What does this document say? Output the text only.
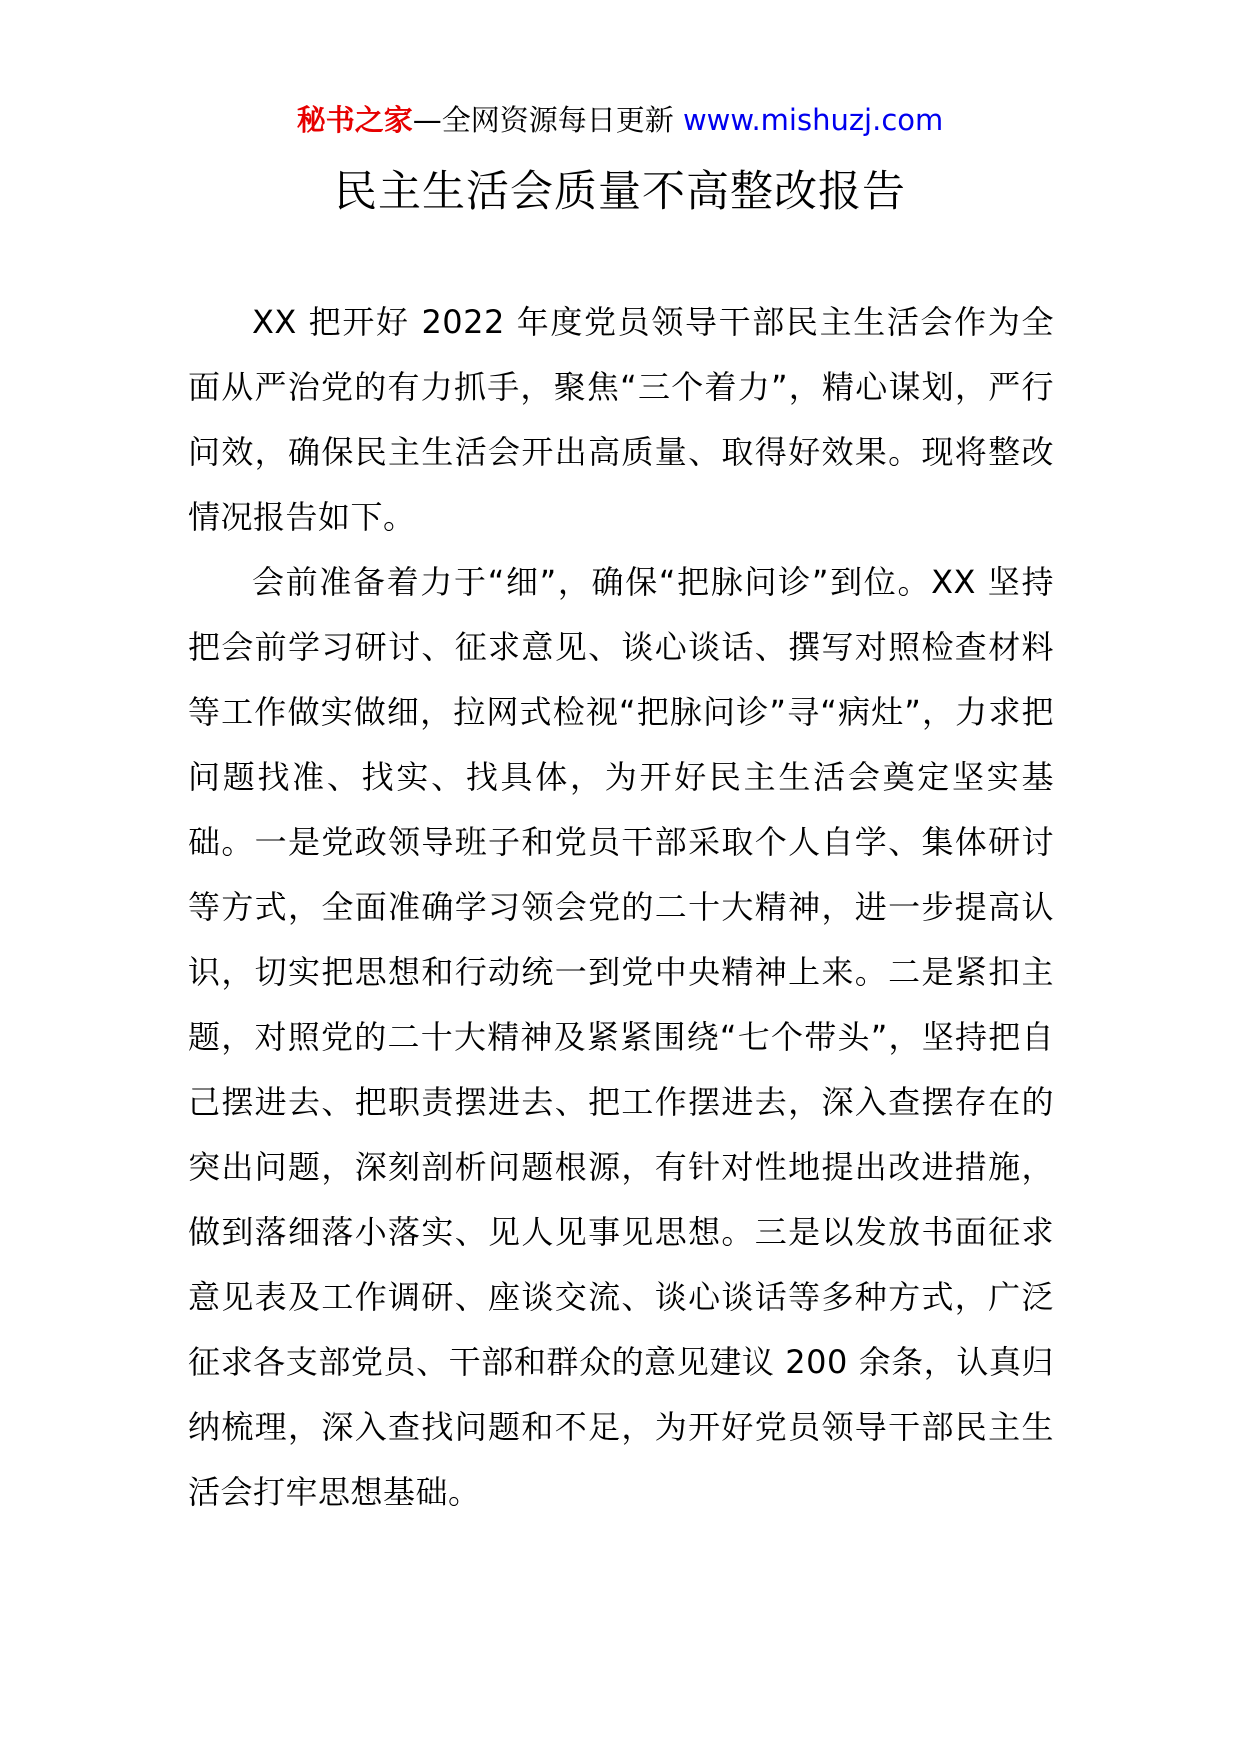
秘书之家—全网资源每日更新 www.mishuzj.com
民主生活会质量不高整改报告

XX 把开好 2022 年度党员领导干部民主生活会作为全面从严治党的有力抓手，聚焦“三个着力”，精心谋划，严行问效，确保民主生活会开出高质量、取得好效果。现将整改情况报告如下。

会前准备着力于“细”，确保“把脉问诊”到位。XX 坚持把会前学习研讨、征求意见、谈心谈话、撰写对照检查材料等工作做实做细，拉网式检视“把脉问诊”寻“病灶”，力求把问题找准、找实、找具体，为开好民主生活会奠定坚实基础。一是党政领导班子和党员干部采取个人自学、集体研讨等方式，全面准确学习领会党的二十大精神，进一步提高认识，切实把思想和行动统一到党中央精神上来。二是紧扣主题，对照党的二十大精神及紧紧围绕“七个带头”，坚持把自己摆进去、把职责摆进去、把工作摆进去，深入查摆存在的突出问题，深刻剖析问题根源，有针对性地提出改进措施，做到落细落小落实、见人见事见思想。三是以发放书面征求意见表及工作调研、座谈交流、谈心谈话等多种方式，广泛征求各支部党员、干部和群众的意见建议 200 余条，认真归纳梳理，深入查找问题和不足，为开好党员领导干部民主生活会打牢思想基础。
